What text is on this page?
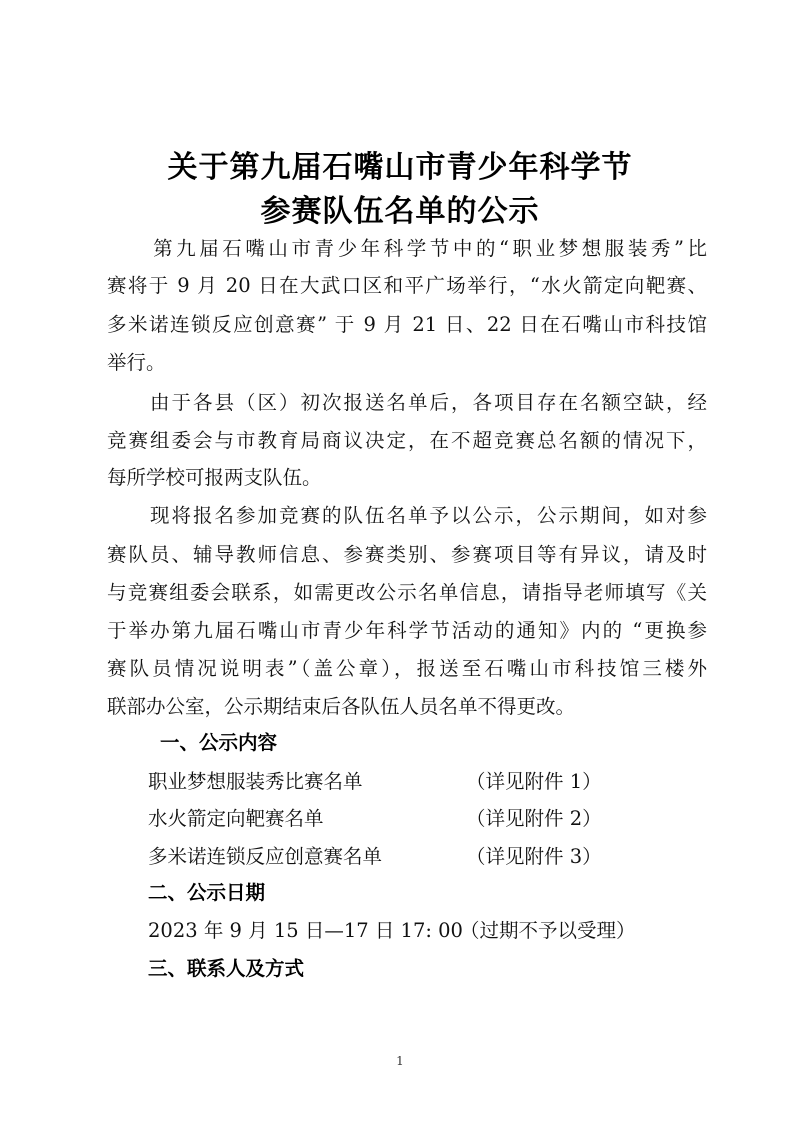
关于第九届石嘴山市青少年科学节
参赛队伍名单的公示
　　第九届石嘴山市青少年科学节中的“职业梦想服装秀”比
赛将于 9 月 20 日在大武口区和平广场举行，“水火箭定向靶赛、
多米诺连锁反应创意赛” 于 9 月 21 日、22 日在石嘴山市科技馆
举行。
　　由于各县（区）初次报送名单后，各项目存在名额空缺，经
竞赛组委会与市教育局商议决定，在不超竞赛总名额的情况下，
每所学校可报两支队伍。
　　现将报名参加竞赛的队伍名单予以公示，公示期间，如对参
赛队员、辅导教师信息、参赛类别、参赛项目等有异议，请及时
与竞赛组委会联系，如需更改公示名单信息，请指导老师填写《关
于举办第九届石嘴山市青少年科学节活动的通知》内的 “更换参
赛队员情况说明表”（盖公章），报送至石嘴山市科技馆三楼外
联部办公室，公示期结束后各队伍人员名单不得更改。
一、公示内容
职业梦想服装秀比赛名单	（详见附件 1）
水火箭定向靶赛名单	（详见附件 2）
多米诺连锁反应创意赛名单	（详见附件 3）
二、公示日期
2023 年 9 月 15 日—17 日 17: 00
（过期不予以受理）
三、联系人及方式
1
